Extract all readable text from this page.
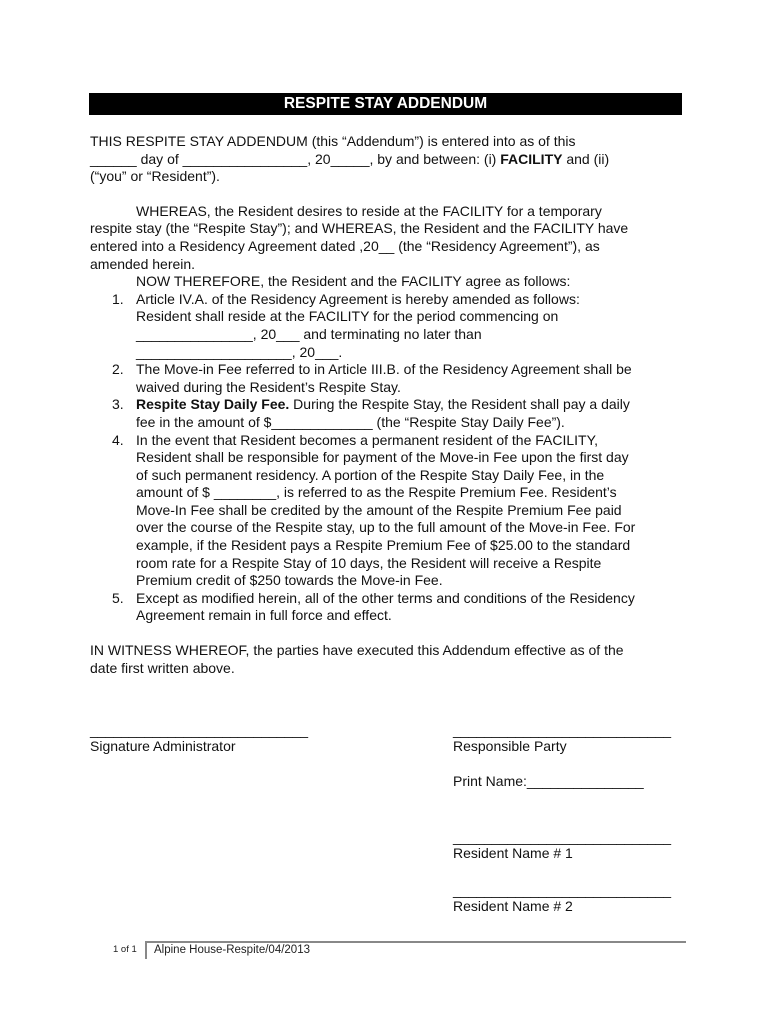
RESPITE STAY ADDENDUM
THIS RESPITE STAY ADDENDUM (this “Addendum”) is entered into as of this
______ day of ________________, 20_____, by and between: (i) FACILITY and (ii)
(“you” or “Resident”).
WHEREAS, the Resident desires to reside at the FACILITY for a temporary
respite stay (the “Respite Stay”); and WHEREAS, the Resident and the FACILITY have
entered into a Residency Agreement dated ,20__ (the “Residency Agreement”), as
amended herein.
NOW THEREFORE, the Resident and the FACILITY agree as follows:
1. Article IV.A. of the Residency Agreement is hereby amended as follows:
Resident shall reside at the FACILITY for the period commencing on
_______________, 20___ and terminating no later than
____________________, 20___.
2. The Move-in Fee referred to in Article III.B. of the Residency Agreement shall be
waived during the Resident’s Respite Stay.
3. Respite Stay Daily Fee. During the Respite Stay, the Resident shall pay a daily
fee in the amount of $_____________ (the “Respite Stay Daily Fee”).
4. In the event that Resident becomes a permanent resident of the FACILITY,
Resident shall be responsible for payment of the Move-in Fee upon the first day
of such permanent residency. A portion of the Respite Stay Daily Fee, in the
amount of $ ________, is referred to as the Respite Premium Fee. Resident’s
Move-In Fee shall be credited by the amount of the Respite Premium Fee paid
over the course of the Respite stay, up to the full amount of the Move-in Fee. For
example, if the Resident pays a Respite Premium Fee of $25.00 to the standard
room rate for a Respite Stay of 10 days, the Resident will receive a Respite
Premium credit of $250 towards the Move-in Fee.
5. Except as modified herein, all of the other terms and conditions of the Residency
Agreement remain in full force and effect.
IN WITNESS WHEREOF, the parties have executed this Addendum effective as of the
date first written above.
____________________________
Signature Administrator
____________________________
Responsible Party
Print Name:_______________
____________________________
Resident Name # 1
____________________________
Resident Name # 2
1 of 1 Alpine House-Respite/04/2013
